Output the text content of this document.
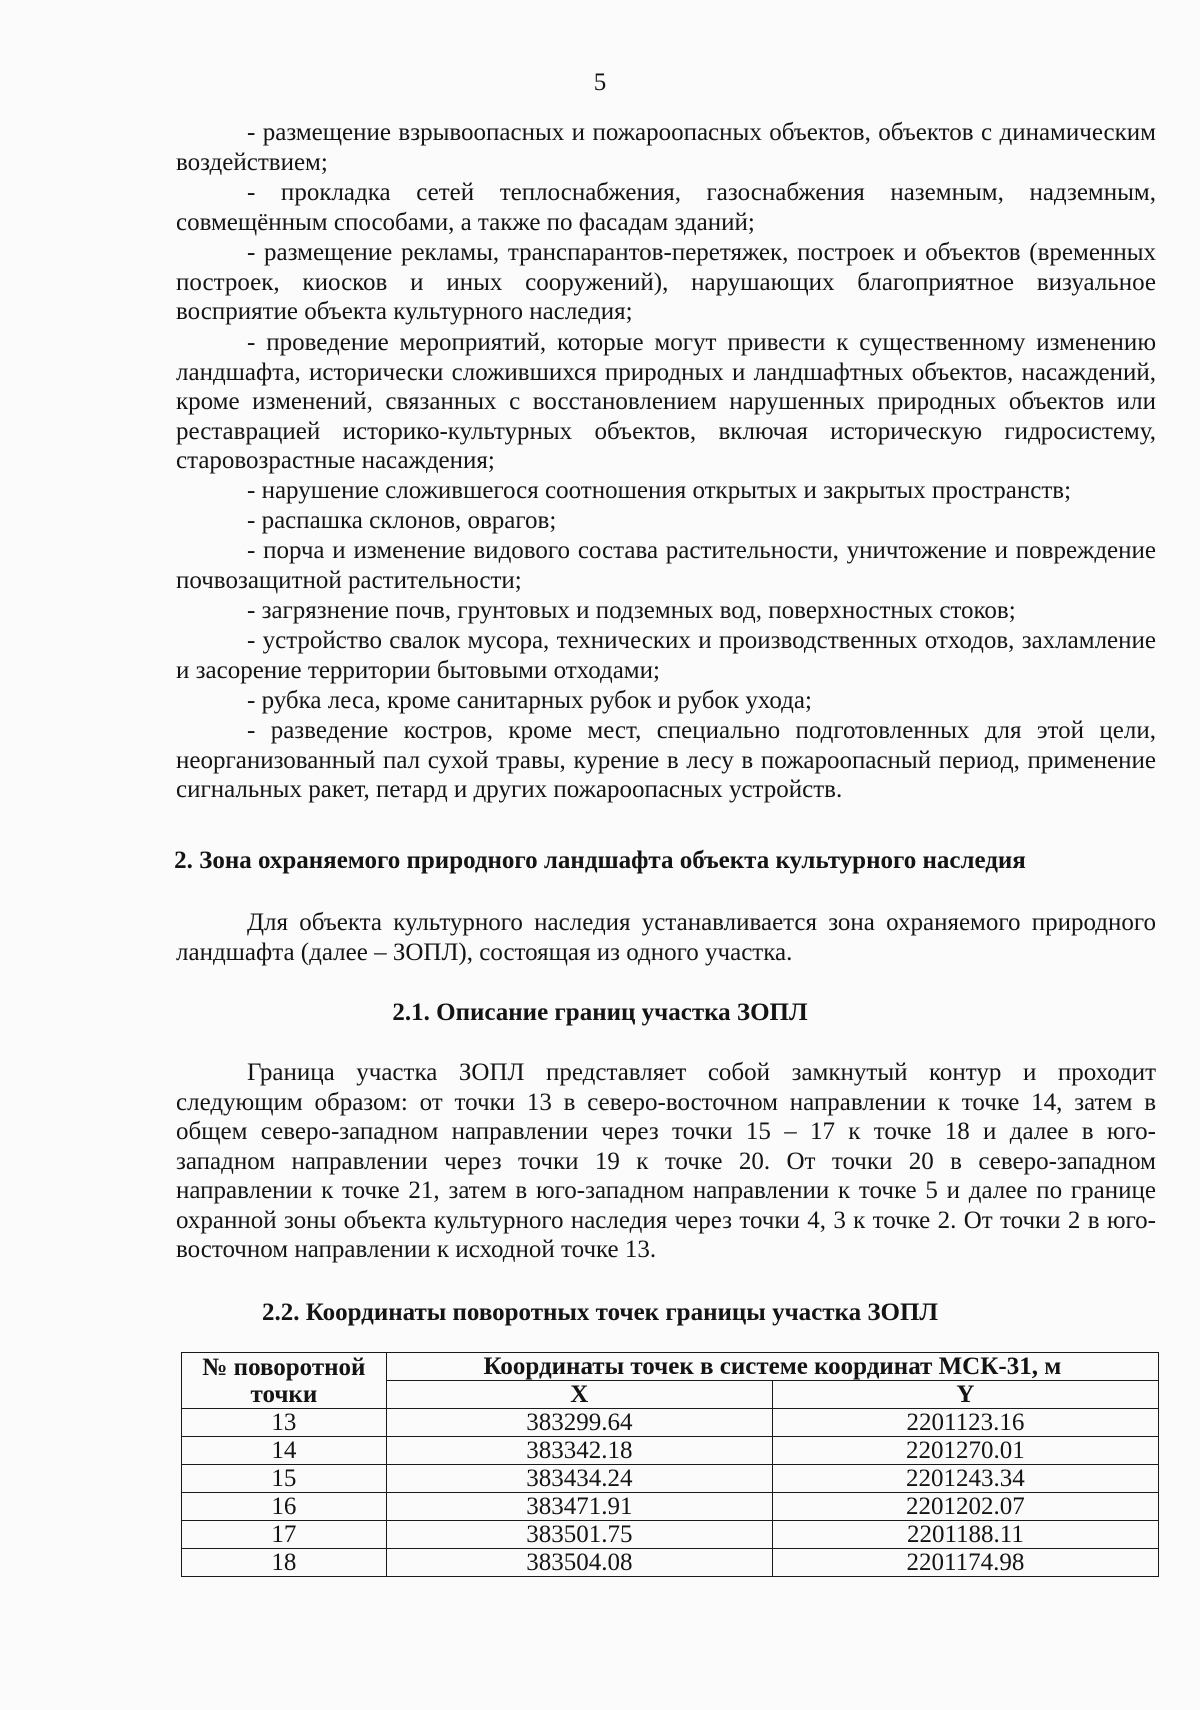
5

- размещение взрывоопасных и пожароопасных объектов, объектов с динамическим воздействием;

- прокладка сетей теплоснабжения, газоснабжения наземным, надземным, совмещённым способами, а также по фасадам зданий;

- размещение рекламы, транспарантов-перетяжек, построек и объектов (временных построек, киосков и иных сооружений), нарушающих благоприятное визуальное восприятие объекта культурного наследия;

- проведение мероприятий, которые могут привести к существенному изменению ландшафта, исторически сложившихся природных и ландшафтных объектов, насаждений, кроме изменений, связанных с восстановлением нарушенных природных объектов или реставрацией историко-культурных объектов, включая историческую гидросистему, старовозрастные насаждения;

- нарушение сложившегося соотношения открытых и закрытых пространств;

- распашка склонов, оврагов;

- порча и изменение видового состава растительности, уничтожение и повреждение почвозащитной растительности;

- загрязнение почв, грунтовых и подземных вод, поверхностных стоков;

- устройство свалок мусора, технических и производственных отходов, захламление и засорение территории бытовыми отходами;

- рубка леса, кроме санитарных рубок и рубок ухода;

- разведение костров, кроме мест, специально подготовленных для этой цели, неорганизованный пал сухой травы, курение в лесу в пожароопасный период, применение сигнальных ракет, петард и других пожароопасных устройств.

2. Зона охраняемого природного ландшафта объекта культурного наследия

Для объекта культурного наследия устанавливается зона охраняемого природного ландшафта (далее – ЗОПЛ), состоящая из одного участка.

2.1. Описание границ участка ЗОПЛ

Граница участка ЗОПЛ представляет собой замкнутый контур и проходит следующим образом: от точки 13 в северо-восточном направлении к точке 14, затем в общем северо-западном направлении через точки 15 – 17 к точке 18 и далее в юго-западном направлении через точки 19 к точке 20. От точки 20 в северо-западном направлении к точке 21, затем в юго-западном направлении к точке 5 и далее по границе охранной зоны объекта культурного наследия через точки 4, 3 к точке 2. От точки 2 в юго-восточном направлении к исходной точке 13.

2.2. Координаты поворотных точек границы участка ЗОПЛ
№ поворотной точки	Координаты точек в системе координат МСК-31, м	
	X	Y
13	383299.64	2201123.16
14	383342.18	2201270.01
15	383434.24	2201243.34
16	383471.91	2201202.07
17	383501.75	2201188.11
18	383504.08	2201174.98
